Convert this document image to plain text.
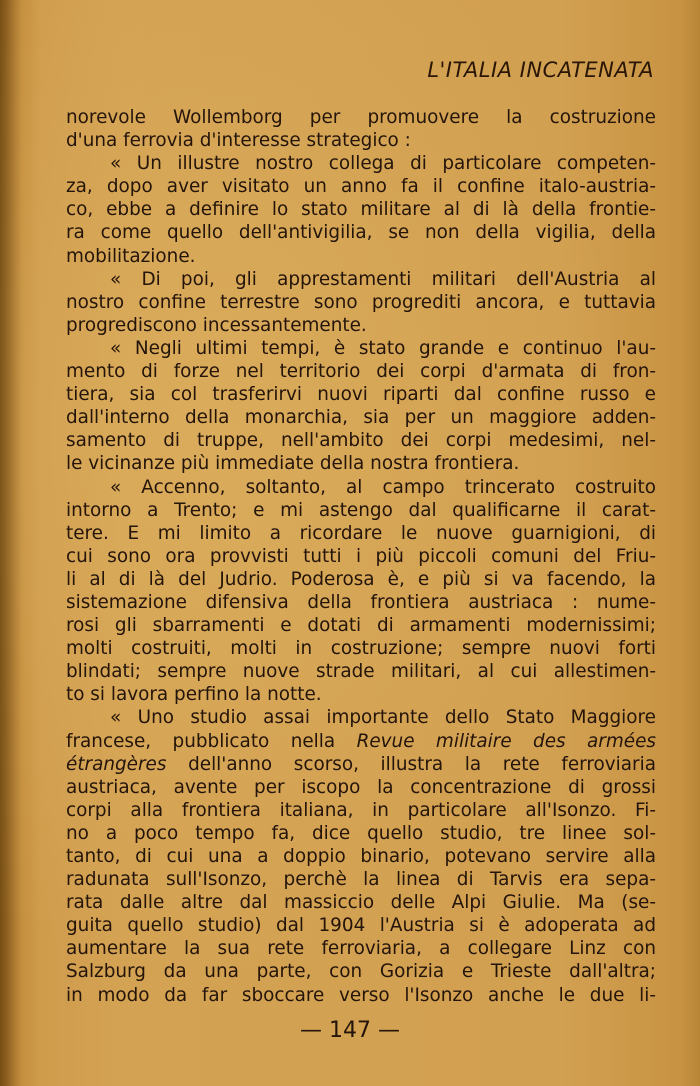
L'ITALIA INCATENATA
norevole Wollemborg per promuovere la costruzione
d'una ferrovia d'interesse strategico :
« Un illustre nostro collega di particolare competen-
za, dopo aver visitato un anno fa il confine italo-austria-
co, ebbe a definire lo stato militare al di là della frontie-
ra come quello dell'antivigilia, se non della vigilia, della
mobilitazione.
« Di poi, gli apprestamenti militari dell'Austria al
nostro confine terrestre sono progrediti ancora, e tuttavia
progrediscono incessantemente.
« Negli ultimi tempi, è stato grande e continuo l'au-
mento di forze nel territorio dei corpi d'armata di fron-
tiera, sia col trasferirvi nuovi riparti dal confine russo e
dall'interno della monarchia, sia per un maggiore adden-
samento di truppe, nell'ambito dei corpi medesimi, nel-
le vicinanze più immediate della nostra frontiera.
« Accenno, soltanto, al campo trincerato costruito
intorno a Trento; e mi astengo dal qualificarne il carat-
tere. E mi limito a ricordare le nuove guarnigioni, di
cui sono ora provvisti tutti i più piccoli comuni del Friu-
li al di là del Judrio. Poderosa è, e più si va facendo, la
sistemazione difensiva della frontiera austriaca : nume-
rosi gli sbarramenti e dotati di armamenti modernissimi;
molti costruiti, molti in costruzione; sempre nuovi forti
blindati; sempre nuove strade militari, al cui allestimen-
to si lavora perfino la notte.
« Uno studio assai importante dello Stato Maggiore
francese, pubblicato nella Revue militaire des armées
étrangères dell'anno scorso, illustra la rete ferroviaria
austriaca, avente per iscopo la concentrazione di grossi
corpi alla frontiera italiana, in particolare all'Isonzo. Fi-
no a poco tempo fa, dice quello studio, tre linee sol-
tanto, di cui una a doppio binario, potevano servire alla
radunata sull'Isonzo, perchè la linea di Tarvis era sepa-
rata dalle altre dal massiccio delle Alpi Giulie. Ma (se-
guita quello studio) dal 1904 l'Austria si è adoperata ad
aumentare la sua rete ferroviaria, a collegare Linz con
Salzburg da una parte, con Gorizia e Trieste dall'altra;
in modo da far sboccare verso l'Isonzo anche le due li-
— 147 —
